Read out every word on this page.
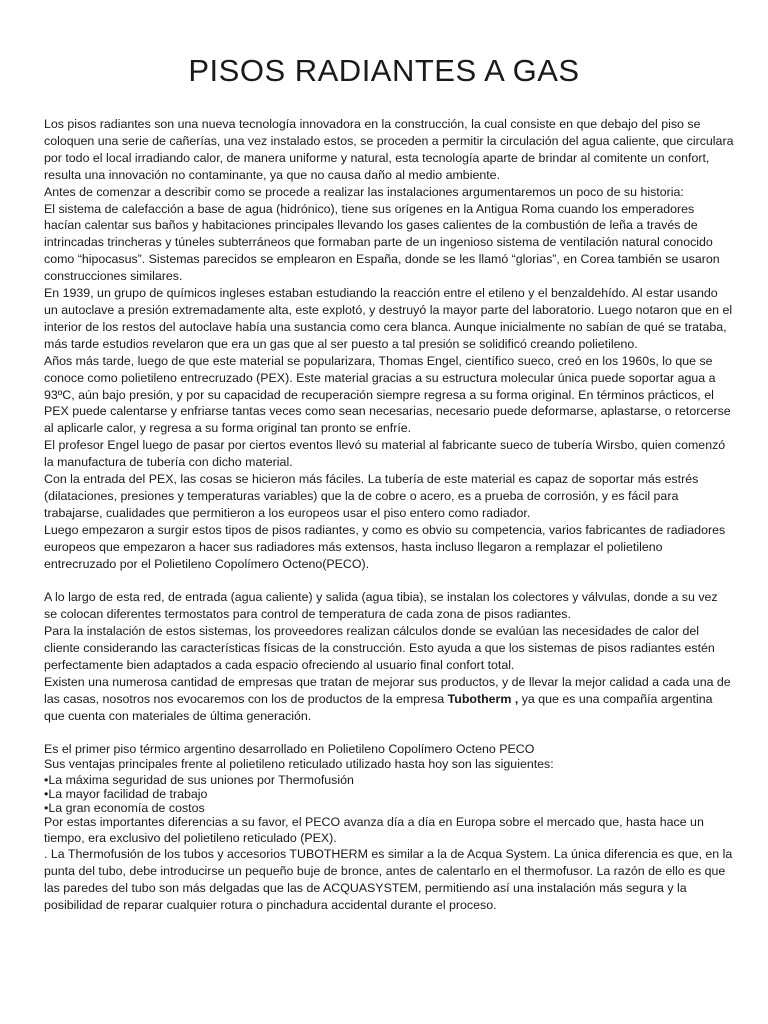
PISOS RADIANTES A GAS

Los pisos radiantes son una nueva tecnología innovadora en la construcción, la cual consiste en que debajo del piso se coloquen una serie de cañerías, una vez instalado estos, se proceden a permitir la circulación del agua caliente, que circulara por todo el local irradiando calor, de manera uniforme y natural, esta tecnología aparte de brindar al comitente un confort, resulta una innovación no contaminante, ya que no causa daño al medio ambiente.

Antes de comenzar a describir como se procede a realizar las instalaciones argumentaremos un poco de su historia:

El sistema de calefacción a base de agua (hidrónico), tiene sus orígenes en la Antigua Roma cuando los emperadores hacían calentar sus baños y habitaciones principales llevando los gases calientes de la combustión de leña a través de intrincadas trincheras y túneles subterráneos que formaban parte de un ingenioso sistema de ventilación natural conocido como “hipocasus”. Sistemas parecidos se emplearon en España, donde se les llamó “glorias”, en Corea también se usaron construcciones similares.

En 1939, un grupo de químicos ingleses estaban estudiando la reacción entre el etileno y el benzaldehído. Al estar usando un autoclave a presión extremadamente alta, este explotó, y destruyó la mayor parte del laboratorio. Luego notaron que en el interior de los restos del autoclave había una sustancia como cera blanca. Aunque inicialmente no sabían de qué se trataba, más tarde estudios revelaron que era un gas que al ser puesto a tal presión se solidificó creando polietileno.

Años más tarde, luego de que este material se popularizara, Thomas Engel, científico sueco, creó en los 1960s, lo que se conoce como polietileno entrecruzado (PEX). Este material gracias a su estructura molecular única puede soportar agua a 93ºC, aún bajo presión, y por su capacidad de recuperación siempre regresa a su forma original. En términos prácticos, el PEX puede calentarse y enfriarse tantas veces como sean necesarias, necesario puede deformarse, aplastarse, o retorcerse al aplicarle calor, y regresa a su forma original tan pronto se enfríe.

El profesor Engel luego de pasar por ciertos eventos llevó su material al fabricante sueco de tubería Wirsbo, quien comenzó la manufactura de tubería con dicho material.

Con la entrada del PEX, las cosas se hicieron más fáciles. La tubería de este material es capaz de soportar más estrés (dilataciones, presiones y temperaturas variables) que la de cobre o acero, es a prueba de corrosión, y es fácil para trabajarse, cualidades que permitieron a los europeos usar el piso entero como radiador.

Luego empezaron a surgir estos tipos de pisos radiantes, y como es obvio su competencia, varios fabricantes de radiadores europeos que empezaron a hacer sus radiadores más extensos, hasta incluso llegaron a remplazar el polietileno entrecruzado por el Polietileno Copolímero Octeno(PECO).

A lo largo de esta red, de entrada (agua caliente) y salida (agua tibia), se instalan los colectores y válvulas, donde a su vez se colocan diferentes termostatos para control de temperatura de cada zona de pisos radiantes.

Para la instalación de estos sistemas, los proveedores realizan cálculos donde se evalúan las necesidades de calor del cliente considerando las características físicas de la construcción. Esto ayuda a que los sistemas de pisos radiantes estén perfectamente bien adaptados a cada espacio ofreciendo al usuario final confort total.

Existen una numerosa cantidad de empresas que tratan de mejorar sus productos, y de llevar la mejor calidad a cada una de las casas, nosotros nos evocaremos con los de productos de la empresa Tubotherm , ya que es una compañía argentina que cuenta con materiales de última generación.

Es el primer piso térmico argentino desarrollado en Polietileno Copolímero Octeno PECO

Sus ventajas principales frente al polietileno reticulado utilizado hasta hoy son las siguientes:

•La máxima seguridad de sus uniones por Thermofusión

•La mayor facilidad de trabajo

•La gran economía de costos

Por estas importantes diferencias a su favor, el PECO avanza día a día en Europa sobre el mercado que, hasta hace un tiempo, era exclusivo del polietileno reticulado (PEX).

. La Thermofusión de los tubos y accesorios TUBOTHERM es similar a la de Acqua System. La única diferencia es que, en la punta del tubo, debe introducirse un pequeño buje de bronce, antes de calentarlo en el thermofusor. La razón de ello es que las paredes del tubo son más delgadas que las de ACQUASYSTEM, permitiendo así una instalación más segura y la posibilidad de reparar cualquier rotura o pinchadura accidental durante el proceso.
